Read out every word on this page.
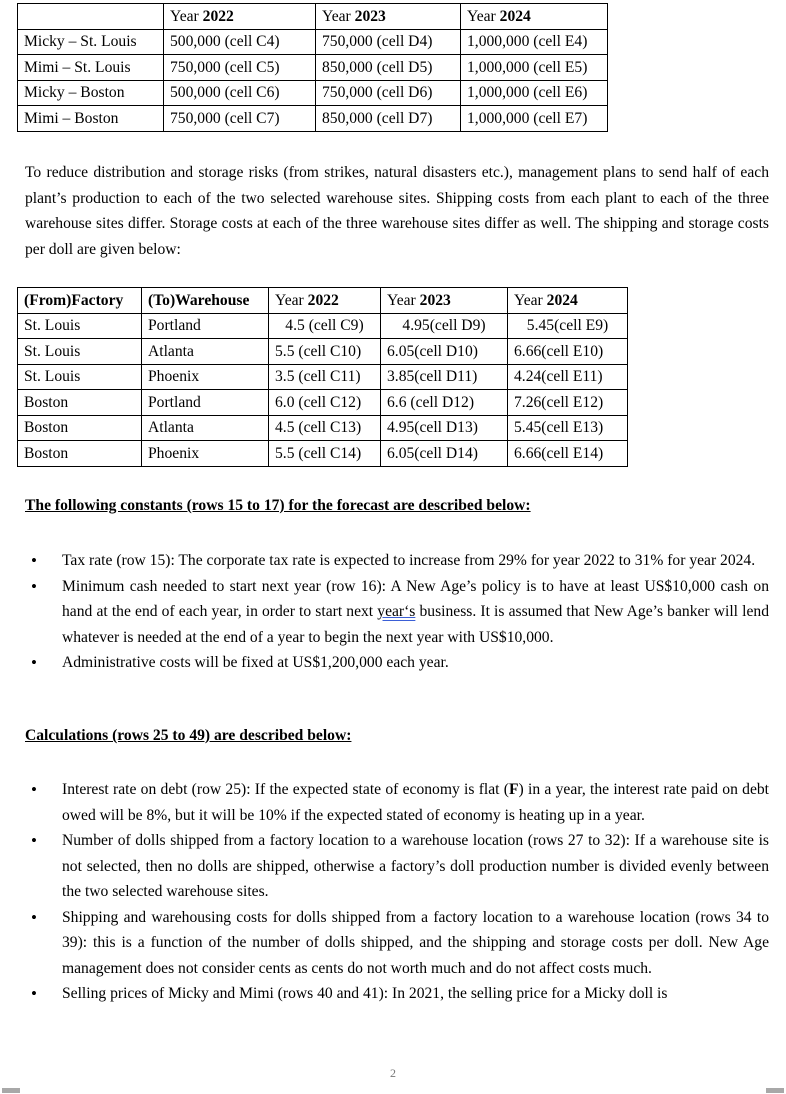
	Year 2022	Year 2023	Year 2024
Micky – St. Louis	500,000 (cell C4)	750,000 (cell D4)	1,000,000 (cell E4)
Mimi – St. Louis	750,000 (cell C5)	850,000 (cell D5)	1,000,000 (cell E5)
Micky – Boston	500,000 (cell C6)	750,000 (cell D6)	1,000,000 (cell E6)
Mimi – Boston	750,000 (cell C7)	850,000 (cell D7)	1,000,000 (cell E7)

To reduce distribution and storage risks (from strikes, natural disasters etc.), management plans to send half of each plant’s production to each of the two selected warehouse sites. Shipping costs from each plant to each of the three warehouse sites differ. Storage costs at each of the three warehouse sites differ as well. The shipping and storage costs per doll are given below:

(From)Factory	(To)Warehouse	Year 2022	Year 2023	Year 2024
St. Louis	Portland	4.5 (cell C9)	4.95(cell D9)	5.45(cell E9)
St. Louis	Atlanta	5.5 (cell C10)	6.05(cell D10)	6.66(cell E10)
St. Louis	Phoenix	3.5 (cell C11)	3.85(cell D11)	4.24(cell E11)
Boston	Portland	6.0 (cell C12)	6.6 (cell D12)	7.26(cell E12)
Boston	Atlanta	4.5 (cell C13)	4.95(cell D13)	5.45(cell E13)
Boston	Phoenix	5.5 (cell C14)	6.05(cell D14)	6.66(cell E14)

The following constants (rows 15 to 17) for the forecast are described below:

• Tax rate (row 15): The corporate tax rate is expected to increase from 29% for year 2022 to 31% for year 2024.
• Minimum cash needed to start next year (row 16): A New Age’s policy is to have at least US$10,000 cash on hand at the end of each year, in order to start next year‘s business. It is assumed that New Age’s banker will lend whatever is needed at the end of a year to begin the next year with US$10,000.
• Administrative costs will be fixed at US$1,200,000 each year.

Calculations (rows 25 to 49) are described below:

• Interest rate on debt (row 25): If the expected state of economy is flat (F) in a year, the interest rate paid on debt owed will be 8%, but it will be 10% if the expected stated of economy is heating up in a year.
• Number of dolls shipped from a factory location to a warehouse location (rows 27 to 32): If a warehouse site is not selected, then no dolls are shipped, otherwise a factory’s doll production number is divided evenly between the two selected warehouse sites.
• Shipping and warehousing costs for dolls shipped from a factory location to a warehouse location (rows 34 to 39): this is a function of the number of dolls shipped, and the shipping and storage costs per doll. New Age management does not consider cents as cents do not worth much and do not affect costs much.
• Selling prices of Micky and Mimi (rows 40 and 41): In 2021, the selling price for a Micky doll is
2
